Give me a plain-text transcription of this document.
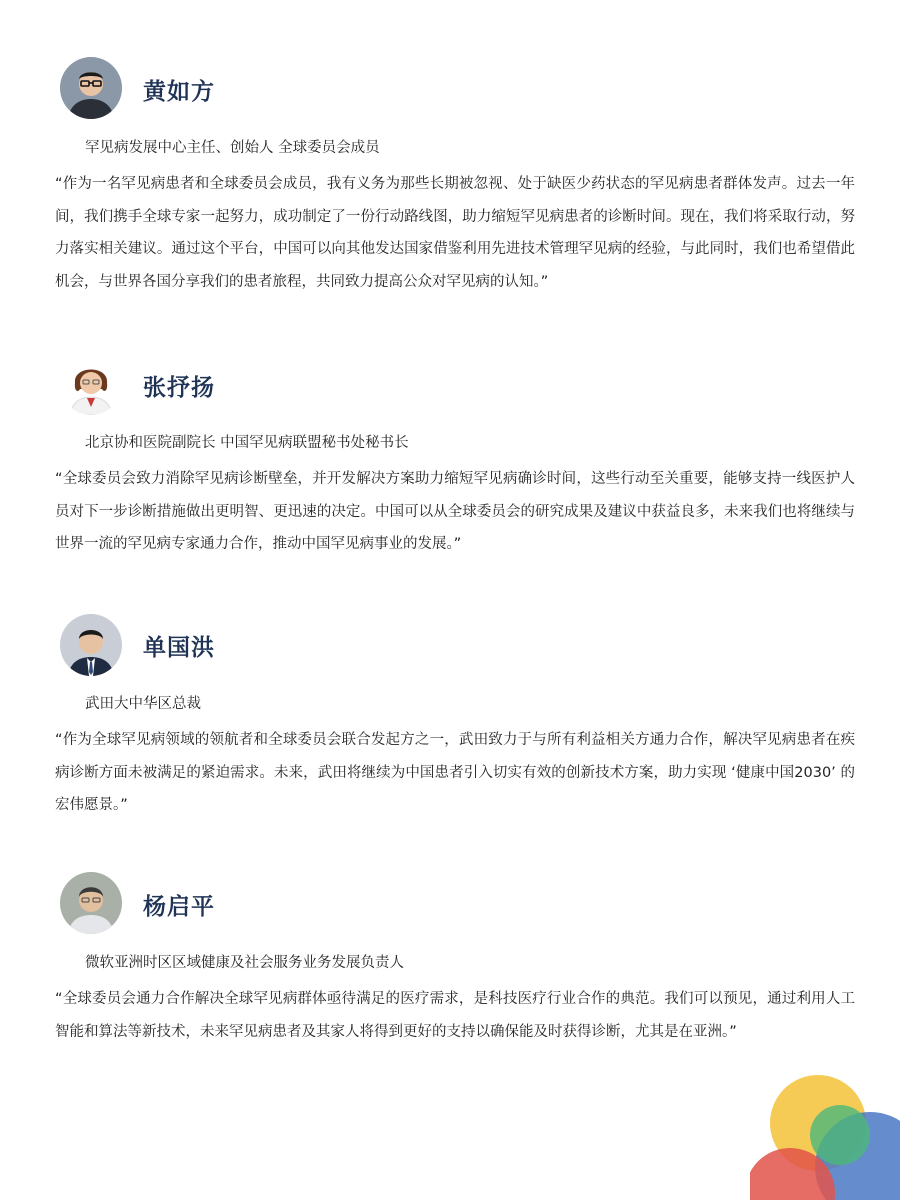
黄如方
罕见病发展中心主任、创始人 全球委员会成员

“作为一名罕见病患者和全球委员会成员，我有义务为那些长期被忽视、处于缺医少药状态的罕见病患者群体发声。过去一年间，我们携手全球专家一起努力，成功制定了一份行动路线图，助力缩短罕见病患者的诊断时间。现在，我们将采取行动，努力落实相关建议。通过这个平台，中国可以向其他发达国家借鉴利用先进技术管理罕见病的经验，与此同时，我们也希望借此机会，与世界各国分享我们的患者旅程，共同致力提高公众对罕见病的认知。”

张抒扬
北京协和医院副院长 中国罕见病联盟秘书处秘书长

“全球委员会致力消除罕见病诊断壁垒，并开发解决方案助力缩短罕见病确诊时间，这些行动至关重要，能够支持一线医护人员对下一步诊断措施做出更明智、更迅速的决定。中国可以从全球委员会的研究成果及建议中获益良多，未来我们也将继续与世界一流的罕见病专家通力合作，推动中国罕见病事业的发展。”

单国洪
武田大中华区总裁

“作为全球罕见病领域的领航者和全球委员会联合发起方之一，武田致力于与所有利益相关方通力合作，解决罕见病患者在疾病诊断方面未被满足的紧迫需求。未来，武田将继续为中国患者引入切实有效的创新技术方案，助力实现 ‘健康中国2030’ 的宏伟愿景。”

杨启平
微软亚洲时区区域健康及社会服务业务发展负责人

“全球委员会通力合作解决全球罕见病群体亟待满足的医疗需求，是科技医疗行业合作的典范。我们可以预见，通过利用人工智能和算法等新技术，未来罕见病患者及其家人将得到更好的支持以确保能及时获得诊断，尤其是在亚洲。”
